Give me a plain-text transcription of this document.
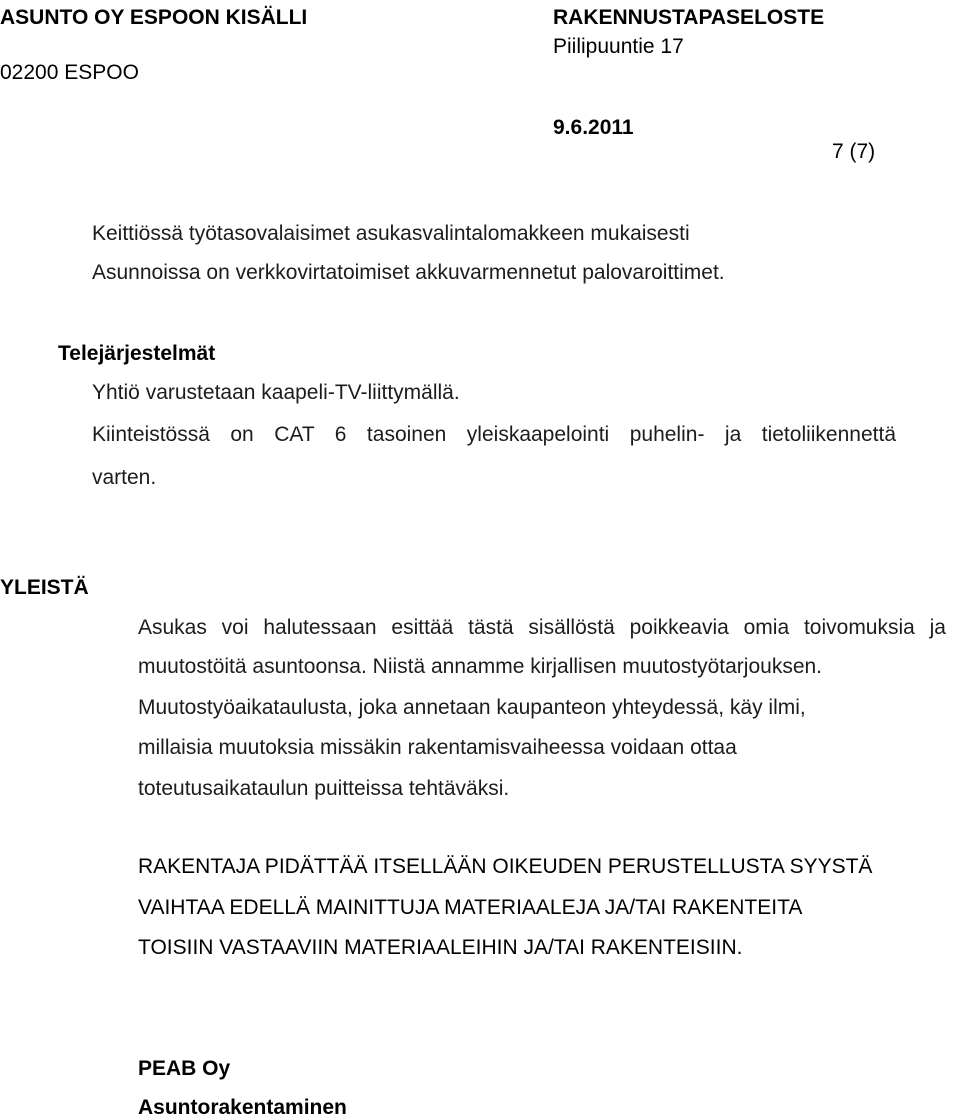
ASUNTO OY ESPOON KISÄLLI	RAKENNUSTAPASELOSTE
Piilipuuntie 17
02200 ESPOO
9.6.2011
7 (7)
Keittiössä työtasovalaisimet asukasvalintalomakkeen mukaisesti
Asunnoissa on verkkovirtatoimiset akkuvarmennetut palovaroittimet.
Telejärjestelmät
Yhtiö varustetaan kaapeli-TV-liittymällä.
Kiinteistössä on CAT 6 tasoinen yleiskaapelointi puhelin- ja tietoliikennettä
varten.
YLEISTÄ
Asukas voi halutessaan esittää tästä sisällöstä poikkeavia omia toivomuksia ja
muutostöitä asuntoonsa. Niistä annamme kirjallisen muutostyötarjouksen.
Muutostyöaikataulusta, joka annetaan kaupanteon yhteydessä, käy ilmi,
millaisia muutoksia missäkin rakentamisvaiheessa voidaan ottaa
toteutusaikataulun puitteissa tehtäväksi.
RAKENTAJA PIDÄTTÄÄ ITSELLÄÄN OIKEUDEN PERUSTELLUSTA SYYSTÄ
VAIHTAA EDELLÄ MAINITTUJA MATERIAALEJA JA/TAI RAKENTEITA
TOISIIN VASTAAVIIN MATERIAALEIHIN JA/TAI RAKENTEISIIN.
PEAB Oy
Asuntorakentaminen
